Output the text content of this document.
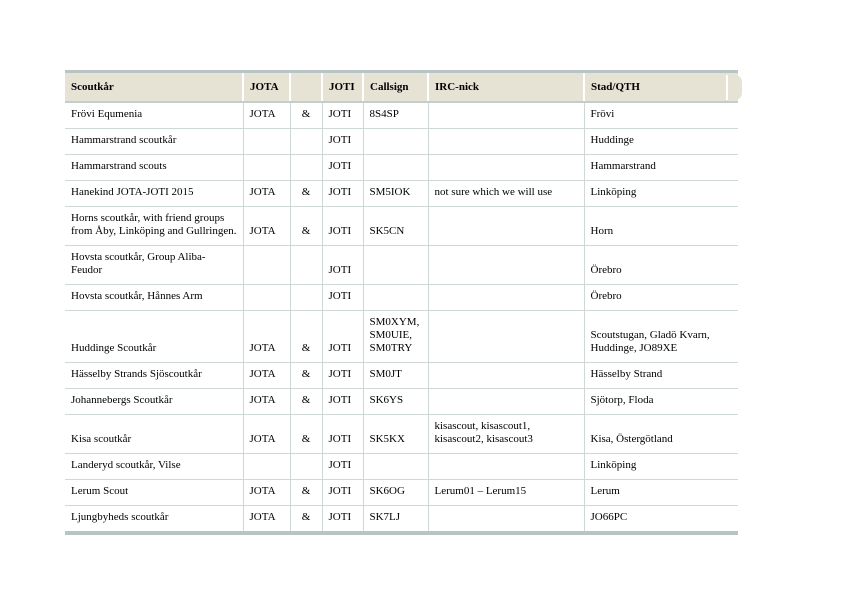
Scoutkår	JOTA		JOTI	Callsign	IRC-nick	Stad/QTH
Frövi Equmenia	JOTA	&	JOTI	8S4SP		Frövi
Hammarstrand scoutkår			JOTI			Huddinge
Hammarstrand scouts			JOTI			Hammarstrand
Hanekind JOTA-JOTI 2015	JOTA	&	JOTI	SM5IOK	not sure which we will use	Linköping
Horns scoutkår, with friend groups from Åby, Linköping and Gullringen.	JOTA	&	JOTI	SK5CN		Horn
Hovsta scoutkår, Group Aliba-Feudor			JOTI			Örebro
Hovsta scoutkår, Hånnes Arm			JOTI			Örebro
Huddinge Scoutkår	JOTA	&	JOTI	SM0XYM, SM0UIE, SM0TRY		Scoutstugan, Gladö Kvarn, Huddinge, JO89XE
Hässelby Strands Sjöscoutkår	JOTA	&	JOTI	SM0JT		Hässelby Strand
Johannebergs Scoutkår	JOTA	&	JOTI	SK6YS		Sjötorp, Floda
Kisa scoutkår	JOTA	&	JOTI	SK5KX	kisascout, kisascout1, kisascout2, kisascout3	Kisa, Östergötland
Landeryd scoutkår, Vilse			JOTI			Linköping
Lerum Scout	JOTA	&	JOTI	SK6OG	Lerum01 – Lerum15	Lerum
Ljungbyheds scoutkår	JOTA	&	JOTI	SK7LJ		JO66PC
